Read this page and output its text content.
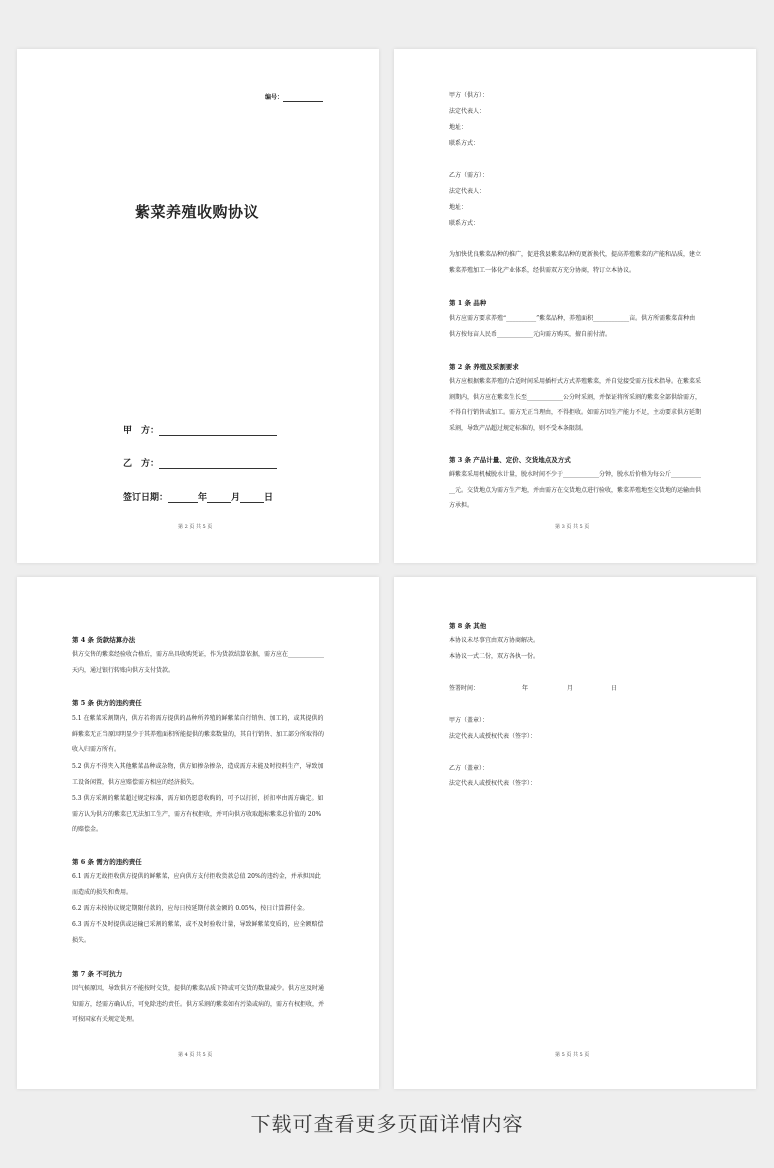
编号：
紫菜养殖收购协议
甲　方：
乙　方：
签订日期：	年	月	日
第 2 页 共 5 页
甲方（供方）：
法定代表人：
地址：
联系方式：
乙方（需方）：
法定代表人：
地址：
联系方式：
为加快优良紫菜品种的推广，促进我县紫菜品种的更新换代，提高养殖紫菜的产能和品质，建立紫菜养殖加工一体化产业体系，经供需双方充分协商，特订立本协议。
第 1 条 品种
供方应需方要求养殖“__________”紫菜品种，养殖面积____________亩。供方所需紫菜苗种由供方按每亩人民币____________元向需方购买，擅自前付清。
第 2 条 养殖及采割要求
供方应根据紫菜养殖的合适时间采用插杆式方式养殖紫菜，并自觉接受需方技术指导。在紫菜采割期内，供方应在紫菜生长至____________公分时采割，并保证将所采割的紫菜全部供给需方，不得自行销售或加工。需方无正当理由，不得拒收。如需方因生产能力不足，主动要求供方延期采割，导致产品超过规定标准的，则不受本条限制。
第 3 条 产品计量、定价、交货地点及方式
鲜紫菜采用机械脱水计量，脱水时间不少于____________分钟，脱水后价格为每公斤____________元。交货地点为需方生产地，并由需方在交货地点进行验收，紫菜养殖地至交货地的运输由供方承担。
第 3 页 共 5 页
第 4 条 货款结算办法
供方交售的紫菜经验收合格后，需方出具收购凭证，作为货款结算依据，需方应在____________天内，通过银行转账向供方支付货款。
第 5 条 供方的违约责任
5.1 在紫菜采割期内，供方若将需方提供的品种所养殖的鲜紫菜自行销售、加工的，或其提供的鲜紫菜无正当原因明显少于其养殖面积所能提供的紫菜数量的，其自行销售、加工部分所取得的收入归需方所有。
5.2 供方不得夹入其他紫菜品种或杂物，供方如掺杂掺杂，造成需方未能及时投料生产，导致加工设备闲置，供方应赔偿需方相应的经济损失。
5.3 供方采割的紫菜超过规定标准，需方如仍愿意收购的，可予以打折，折扣率由需方确定。如需方认为供方的紫菜已无法加工生产，需方有权拒收，并可向供方收取超标紫菜总价值的 20% 的赔偿金。
第 6 条 需方的违约责任
6.1 需方无故拒收供方提供的鲜紫菜，应向供方支付拒收货款总值 20%的违约金，并承担因此而造成的损失和费用。
6.2 需方未按协议规定期限付款的，应每日按延期付款金额的 0.05%，按日计算滞付金。
6.3 需方不及时提供或运输已采割的紫菜，或不及时验收计量，导致鲜紫菜变质的，应全额赔偿损失。
第 7 条 不可抗力
因气候原因，导致供方不能按时交货，提供的紫菜品质下降或可交货的数量减少。供方应及时通知需方，经需方确认后，可免除违约责任。供方采割的紫菜如有污染或病的，需方有权拒收，并可按国家有关规定处理。
第 4 页 共 5 页
第 8 条 其他
本协议未尽事宜由双方协商解决。
本协议一式二份，双方各执一份。
签署时间：	年	月	日
甲方（盖章）：
法定代表人或授权代表（签字）：
乙方（盖章）：
法定代表人或授权代表（签字）：
第 5 页 共 5 页
下载可查看更多页面详情内容
